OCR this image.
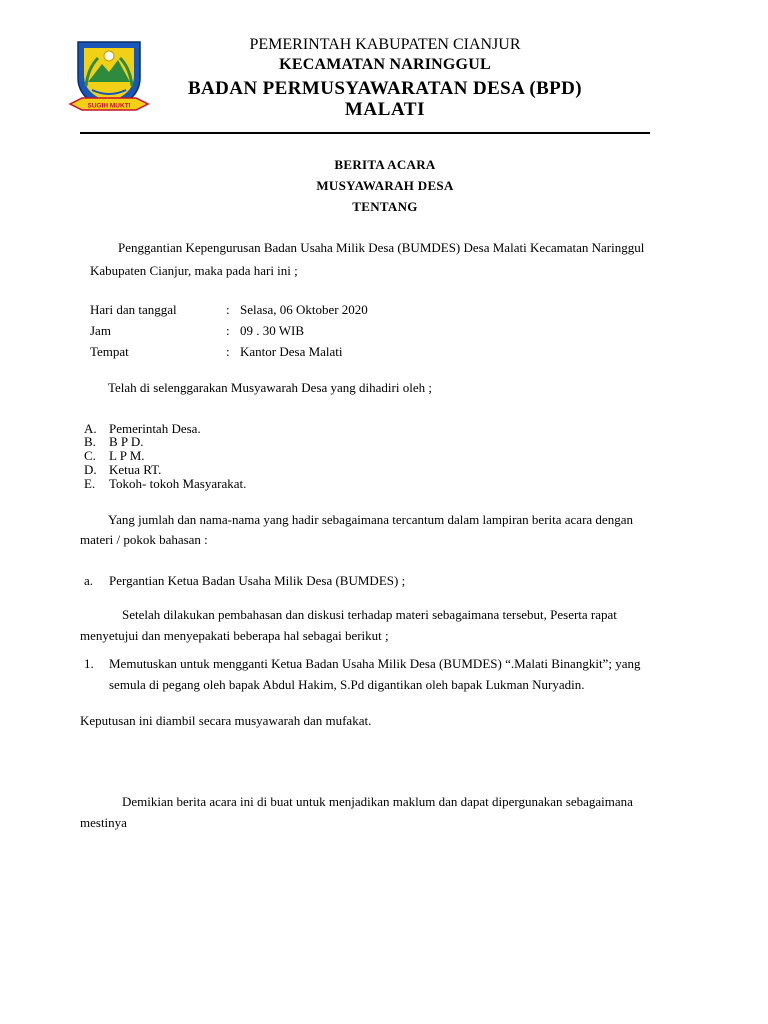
SUGIH MUKTI
PEMERINTAH KABUPATEN CIANJUR
KECAMATAN NARINGGUL
BADAN PERMUSYAWARATAN DESA (BPD)
MALATI
BERITA ACARA
MUSYAWARAH DESA
TENTANG
Penggantian Kepengurusan Badan Usaha Milik Desa (BUMDES) Desa Malati Kecamatan Naringgul
Kabupaten Cianjur, maka pada hari ini ;
Hari dan tanggal	: Selasa, 06 Oktober 2020
Jam	: 09 . 30 WIB
Tempat	: Kantor Desa Malati
Telah di selenggarakan Musyawarah Desa yang dihadiri oleh ;
A. Pemerintah Desa.
B. B P D.
C. L P M.
D. Ketua RT.
E. Tokoh- tokoh Masyarakat.
Yang jumlah dan nama-nama yang hadir sebagaimana tercantum dalam lampiran berita acara dengan
materi / pokok bahasan :
a. Pergantian Ketua Badan Usaha Milik Desa (BUMDES) ;
Setelah dilakukan pembahasan dan diskusi terhadap materi sebagaimana tersebut, Peserta rapat
menyetujui dan menyepakati beberapa hal sebagai berikut ;
1. Memutuskan untuk mengganti Ketua Badan Usaha Milik Desa (BUMDES) “.Malati Binangkit”; yang
semula di pegang oleh bapak Abdul Hakim, S.Pd digantikan oleh bapak Lukman Nuryadin.
Keputusan ini diambil secara musyawarah dan mufakat.
Demikian berita acara ini di buat untuk menjadikan maklum dan dapat dipergunakan sebagaimana
mestinya
